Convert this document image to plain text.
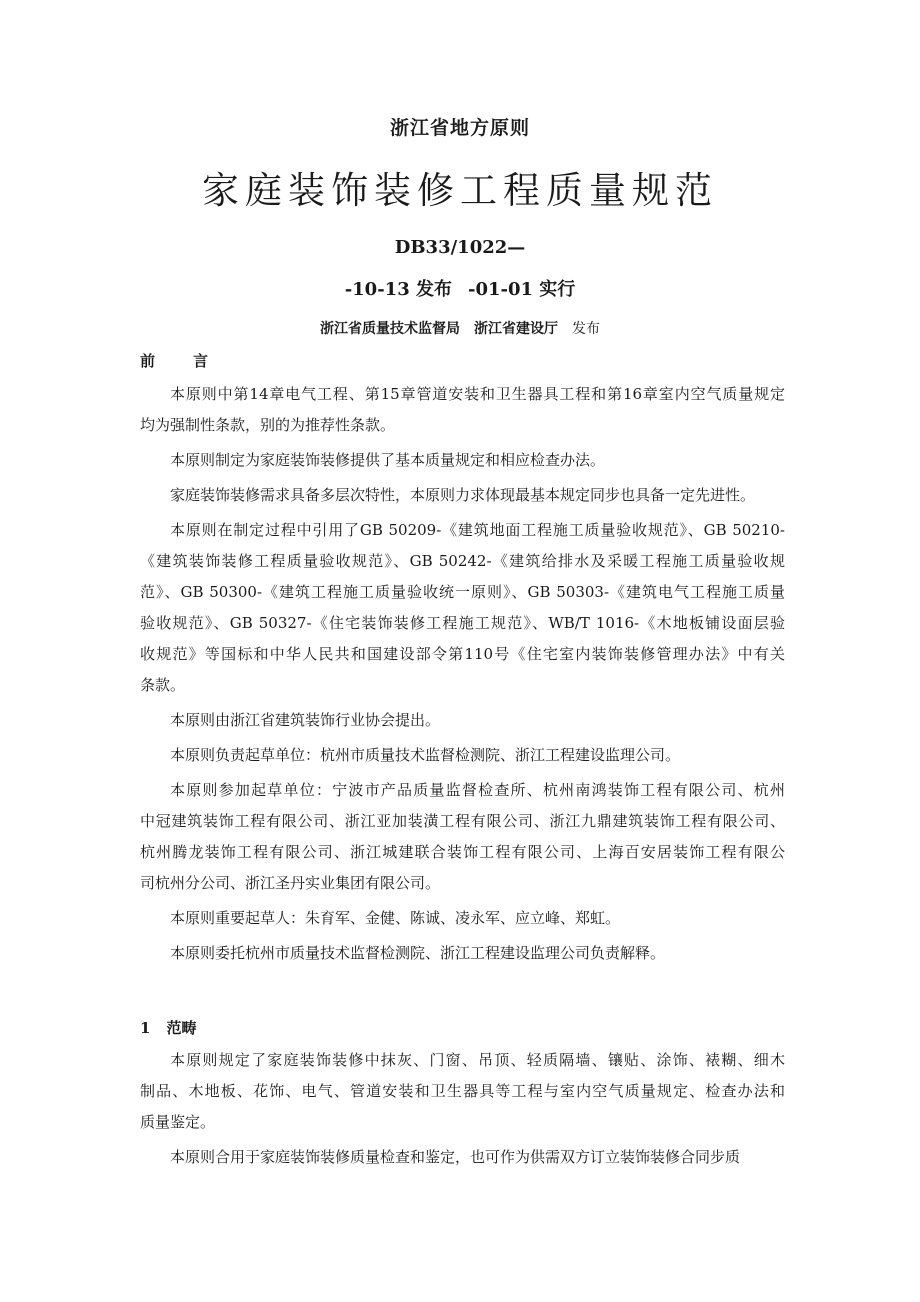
浙江省地方原则
家庭装饰装修工程质量规范
DB33/1022—
-10-13 发布 -01-01 实行
浙江省质量技术监督局 浙江省建设厅 发布
前	言
本原则中第14章电气工程、第15章管道安装和卫生器具工程和第16章室内空气质量规定
均为强制性条款，别的为推荐性条款。
本原则制定为家庭装饰装修提供了基本质量规定和相应检查办法。
家庭装饰装修需求具备多层次特性，本原则力求体现最基本规定同步也具备一定先进性。
本原则在制定过程中引用了GB 50209-《建筑地面工程施工质量验收规范》、GB 50210-
《建筑装饰装修工程质量验收规范》、GB 50242-《建筑给排水及采暖工程施工质量验收规
范》、GB 50300-《建筑工程施工质量验收统一原则》、GB 50303-《建筑电气工程施工质量
验收规范》、GB 50327-《住宅装饰装修工程施工规范》、WB/T 1016-《木地板铺设面层验
收规范》等国标和中华人民共和国建设部令第110号《住宅室内装饰装修管理办法》中有关
条款。
本原则由浙江省建筑装饰行业协会提出。
本原则负责起草单位：杭州市质量技术监督检测院、浙江工程建设监理公司。
本原则参加起草单位：宁波市产品质量监督检查所、杭州南鸿装饰工程有限公司、杭州
中冠建筑装饰工程有限公司、浙江亚加装潢工程有限公司、浙江九鼎建筑装饰工程有限公司、
杭州腾龙装饰工程有限公司、浙江城建联合装饰工程有限公司、上海百安居装饰工程有限公
司杭州分公司、浙江圣丹实业集团有限公司。
本原则重要起草人：朱育军、金健、陈诚、凌永军、应立峰、郑虹。
本原则委托杭州市质量技术监督检测院、浙江工程建设监理公司负责解释。
1 范畴
本原则规定了家庭装饰装修中抹灰、门窗、吊顶、轻质隔墙、镶贴、涂饰、裱糊、细木
制品、木地板、花饰、电气、管道安装和卫生器具等工程与室内空气质量规定、检查办法和
质量鉴定。
本原则合用于家庭装饰装修质量检查和鉴定，也可作为供需双方订立装饰装修合同步质
